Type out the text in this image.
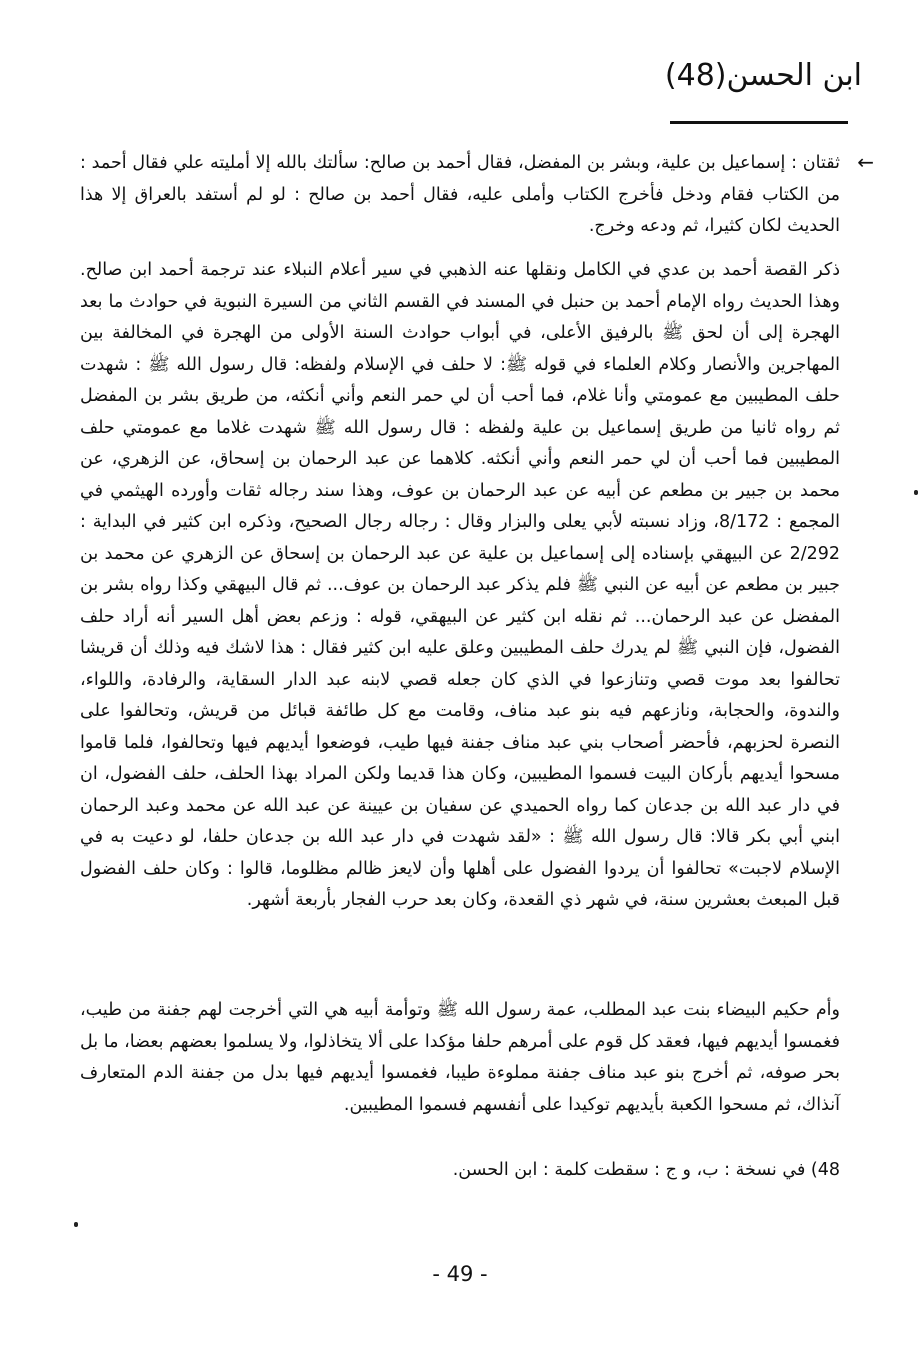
ابن الحسن(48)
←
ثقتان : إسماعيل بن علية، وبشر بن المفضل، فقال أحمد بن صالح: سألتك بالله إلا أمليته علي فقال أحمد : من الكتاب فقام ودخل فأخرج الكتاب وأملى عليه، فقال أحمد بن صالح : لو لم أستفد بالعراق إلا هذا الحديث لكان كثيرا، ثم ودعه وخرج.
ذكر القصة أحمد بن عدي في الكامل ونقلها عنه الذهبي في سير أعلام النبلاء عند ترجمة أحمد ابن صالح. وهذا الحديث رواه الإمام أحمد بن حنبل في المسند في القسم الثاني من السيرة النبوية في حوادث ما بعد الهجرة إلى أن لحق ﷺ بالرفيق الأعلى، في أبواب حوادث السنة الأولى من الهجرة في المخالفة بين المهاجرين والأنصار وكلام العلماء في قوله ﷺ: لا حلف في الإسلام ولفظه: قال رسول الله ﷺ : شهدت حلف المطيبين مع عمومتي وأنا غلام، فما أحب أن لي حمر النعم وأني أنكثه، من طريق بشر بن المفضل ثم رواه ثانيا من طريق إسماعيل بن علية ولفظه : قال رسول الله ﷺ شهدت غلاما مع عمومتي حلف المطيبين فما أحب أن لي حمر النعم وأني أنكثه. كلاهما عن عبد الرحمان بن إسحاق، عن الزهري، عن محمد بن جبير بن مطعم عن أبيه عن عبد الرحمان بن عوف، وهذا سند رجاله ثقات وأورده الهيثمي في المجمع : 8/172، وزاد نسبته لأبي يعلى والبزار وقال : رجاله رجال الصحيح، وذكره ابن كثير في البداية : 2/292 عن البيهقي بإسناده إلى إسماعيل بن علية عن عبد الرحمان بن إسحاق عن الزهري عن محمد بن جبير بن مطعم عن أبيه عن النبي ﷺ فلم يذكر عبد الرحمان بن عوف... ثم قال البيهقي وكذا رواه بشر بن المفضل عن عبد الرحمان... ثم نقله ابن كثير عن البيهقي، قوله : وزعم بعض أهل السير أنه أراد حلف الفضول، فإن النبي ﷺ لم يدرك حلف المطيبين وعلق عليه ابن كثير فقال : هذا لاشك فيه وذلك أن قريشا تحالفوا بعد موت قصي وتنازعوا في الذي كان جعله قصي لابنه عبد الدار السقاية، والرفادة، واللواء، والندوة، والحجابة، ونازعهم فيه بنو عبد مناف، وقامت مع كل طائفة قبائل من قريش، وتحالفوا على النصرة لحزبهم، فأحضر أصحاب بني عبد مناف جفنة فيها طيب، فوضعوا أيديهم فيها وتحالفوا، فلما قاموا مسحوا أيديهم بأركان البيت فسموا المطيبين، وكان هذا قديما ولكن المراد بهذا الحلف، حلف الفضول، ان في دار عبد الله بن جدعان كما رواه الحميدي عن سفيان بن عيينة عن عبد الله عن محمد وعبد الرحمان ابني أبي بكر قالا: قال رسول الله ﷺ : «لقد شهدت في دار عبد الله بن جدعان حلفا، لو دعيت به في الإسلام لاجبت» تحالفوا أن يردوا الفضول على أهلها وأن لايعز ظالم مظلوما، قالوا : وكان حلف الفضول قبل المبعث بعشرين سنة، في شهر ذي القعدة، وكان بعد حرب الفجار بأربعة أشهر.
وأم حكيم البيضاء بنت عبد المطلب، عمة رسول الله ﷺ وتوأمة أبيه هي التي أخرجت لهم جفنة من طيب، فغمسوا أيديهم فيها، فعقد كل قوم على أمرهم حلفا مؤكدا على ألا يتخاذلوا، ولا يسلموا بعضهم بعضا، ما بل بحر صوفه، ثم أخرج بنو عبد مناف جفنة مملوءة طيبا، فغمسوا أيديهم فيها بدل من جفنة الدم المتعارف آنذاك، ثم مسحوا الكعبة بأيديهم توكيدا على أنفسهم فسموا المطيبين.
48) في نسخة : ب، و ج : سقطت كلمة : ابن الحسن.
- 49 -
